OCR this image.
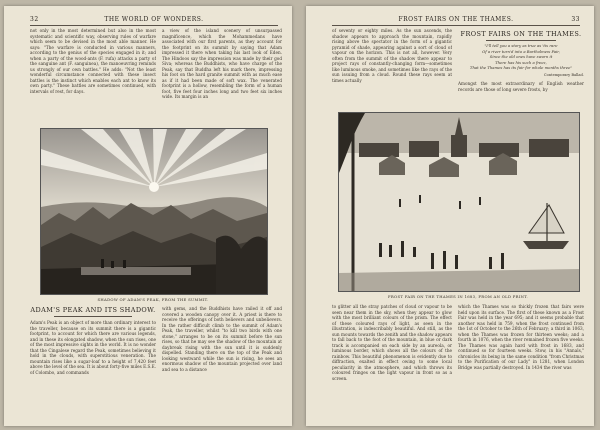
32	THE WORLD OF WONDERS.
not only in the most determined but also in the most systematic and scientific way, observing rules of warfare which seem to be devised in the most able manner. He says: "The warfare is conducted in various manners, according to the genius of the species engaged in it; and when a party of the wood-ants (F. rufa) attacks a party of the sanguine ant (F. sanguinea), the manoeuvring reminds us strongly of our own battles." He adds: "Not the least wonderful circumstance connected with these insect battles is the instinct which enables each ant to know its own party." These battles are sometimes continued, with intervals of rest, for days.
a view of the island scenery of unsurpassed magnificence, which the Mohammedans have associated with our first parents, as they account for the footprint on its summit by saying that Adam impressed it there when taking his last look of Eden. The Hindoos say the impression was made by their god Siva; whereas the Buddhists, who have charge of the Peak, say that Buddha left his mark there, impressing his foot on the hard granite summit with as much ease as if it had been made of soft wax. The venerated footprint is a hollow, resembling the form of a human foot, five feet four inches long and two feet six inches wide. Its margin is an
SHADOW OF ADAM'S PEAK, FROM THE SUMMIT.
ADAM'S PEAK AND ITS SHADOW.
Adam's Peak is an object of more than ordinary interest to the traveller, because on its summit there is a gigantic footprint, to account for which there are various legends, and in these its elongated shadow, when the sun rises, one of the most impressive sights in the world. It is no wonder that the Cingalese regard the Peak, sometimes believing it hold in the clouds, with superstitious veneration. The mountain rises like a sugar-loaf to a height of 7,420 feet above the level of the sea. It is about forty-five miles E.S.E. of Colombo, and commands
with gems, and the Buddhists have railed it off and covered a wooden canopy over it. A priest is there to receive the offerings of both believers and unbelievers. In the rather difficult climb to the summit of Adam's Peak, the traveller, whilst "to kill two birds with one stone," arranges to be on its summit before the sun rises, so that he may see the shadow of the mountain at daybreak rising with the sun until it is suddenly dispelled. Standing there on the top of the Peak and looking westward while the sun is rising, he sees an enormous shadow of the mountain projected over land and sea to a distance
FROST FAIRS ON THE THAMES.	33
of seventy or eighty miles. As the sun ascends, the shadow appears to approach the mountain, rapidly rising above the spectator in the form of a gigantic pyramid of shade, appearing against a sort of cloud of vapour on the horizon. This is not all, however. Very often from the summit of the shadow there appear to project rays of constantly-changing form—sometimes like luminous smoke, and sometimes like the rays of the sun issuing from a cloud. Round these rays seem at times actually
FROST FAIRS ON THE THAMES.
"I'll tell you a story as true as 'tis rare
Of a river turn'd into a Bartholmew Fair,
Since the old ones have sworn it
There has his such a freez,
That the Thames has its fair for whole months three"
Contemporary Ballad.
Amongst the most extraordinary of English weather records are those of long severe frosts, by
FROST FAIR ON THE THAMES IN 1683, FROM AN OLD PRINT.
to glitter all the stray patches of cloud or vapour to be seen near them in the sky, when they appear to glow with the most brilliant colours of the prism. The effect of these coloured rays of light, as seen in the illustration, is indescribably beautiful. And still, as the sun mounts towards the zenith and the shadow appears to fall back to the foot of the mountain, in blue or dark track is accompanied on each side by an aureola, or luminous border, which shows all the colours of the rainbow. This beautiful phenomenon is evidently due to diffraction, exalted in effect owing to some local peculiarity in the atmosphere, and which throws its coloured fringes on the light vapour in front so as a screen.
which the Thames was so thickly frozen that fairs were held upon its surface. The first of these known as a Frost Fair was held in the year 695; and it seems probable that another was held in 759, when the frost continued from the 1st of October to the 26th of February; a third in 1063, when the Thames was frozen for thirteen weeks; and a fourth in 1076, when the river remained frozen five weeks. The Thames was again hard with frost in 1683, and continued so for fourteen weeks. Stow, in his "Annals," chronicles its being in the same condition "from Christmas to the Purification of our Lady" in 1281, when London Bridge was partially destroyed. In 1434 the river was
